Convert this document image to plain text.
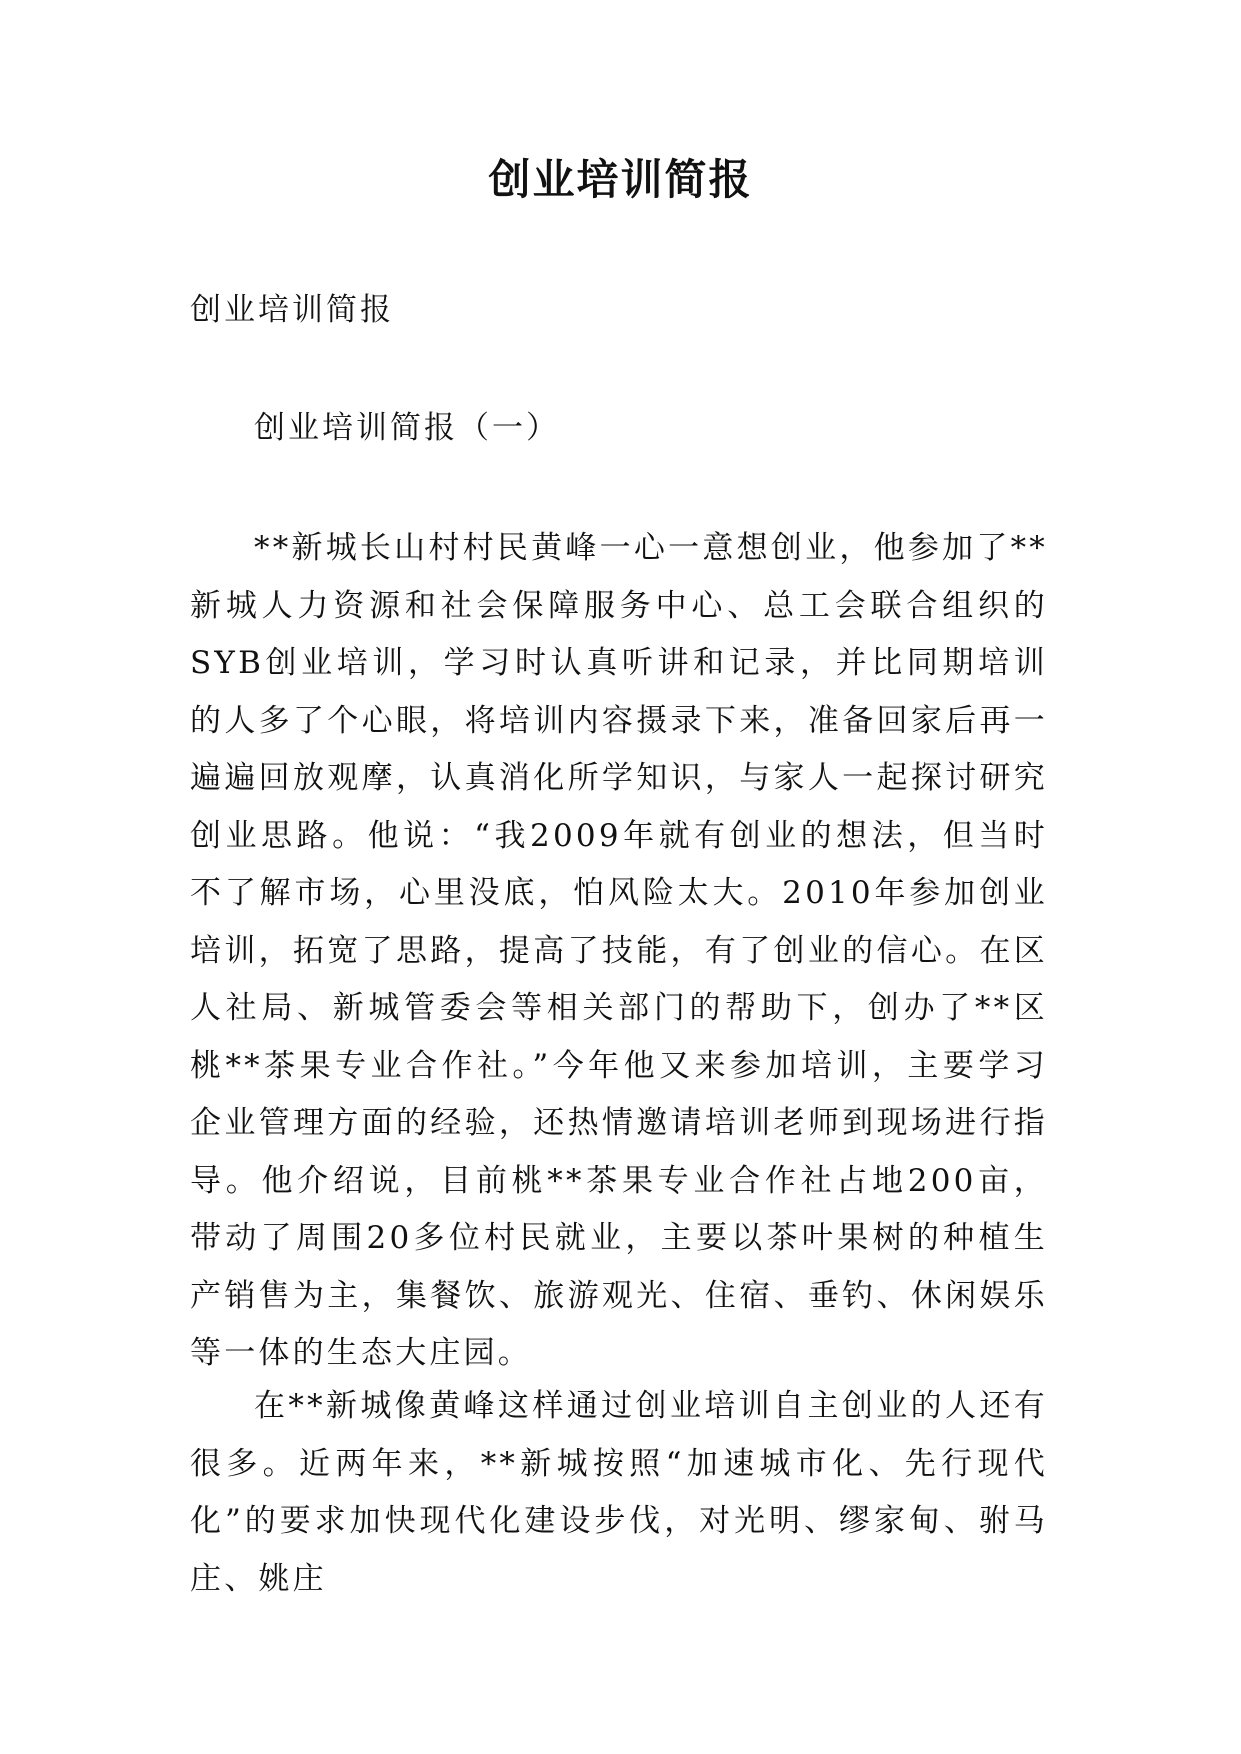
创业培训简报

创业培训简报

创业培训简报（一）

**新城长山村村民黄峰一心一意想创业，他参加了**新城人力资源和社会保障服务中心、总工会联合组织的SYB创业培训，学习时认真听讲和记录，并比同期培训的人多了个心眼，将培训内容摄录下来，准备回家后再一遍遍回放观摩，认真消化所学知识，与家人一起探讨研究创业思路。他说：“我2009年就有创业的想法，但当时不了解市场，心里没底，怕风险太大。2010年参加创业培训，拓宽了思路，提高了技能，有了创业的信心。在区人社局、新城管委会等相关部门的帮助下，创办了**区桃**茶果专业合作社。”今年他又来参加培训，主要学习企业管理方面的经验，还热情邀请培训老师到现场进行指导。他介绍说，目前桃**茶果专业合作社占地200亩，带动了周围20多位村民就业，主要以茶叶果树的种植生产销售为主，集餐饮、旅游观光、住宿、垂钓、休闲娱乐等一体的生态大庄园。

在**新城像黄峰这样通过创业培训自主创业的人还有很多。近两年来，**新城按照“加速城市化、先行现代化”的要求加快现代化建设步伐，对光明、缪家甸、驸马庄、姚庄
